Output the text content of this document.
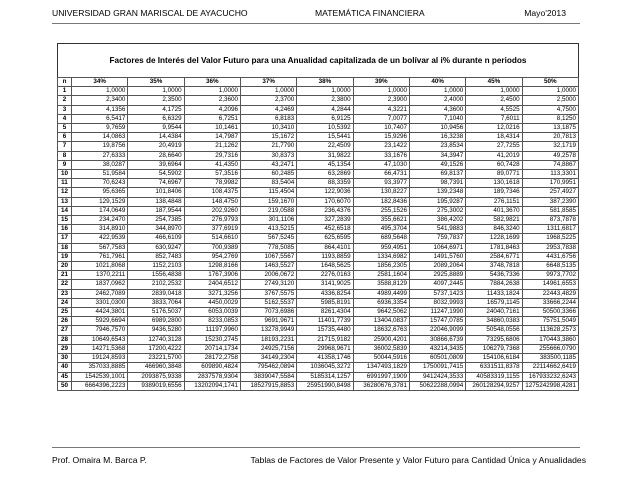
UNIVERSIDAD GRAN MARISCAL DE AYACUCHO	MATEMÁTICA FINANCIERA	Mayo'2013
Factores de Interés del Valor Futuro para una Anualidad capitalizada de un bolívar al i% durante n periodos
n	34%	35%	36%	37%	38%	39%	40%	45%	50%
1	1,0000	1,0000	1,0000	1,0000	1,0000	1,0000	1,0000	1,0000	1,0000
2	2,3400	2,3500	2,3600	2,3700	2,3800	2,3900	2,4000	2,4500	2,5000
3	4,1356	4,1725	4,2096	4,2469	4,2844	4,3221	4,3600	4,5525	4,7500
4	6,5417	6,6329	6,7251	6,8183	6,9125	7,0077	7,1040	7,6011	8,1250
5	9,7659	9,9544	10,1461	10,3410	10,5392	10,7407	10,9456	12,0216	13,1875
6	14,0863	14,4384	14,7987	15,1672	15,5441	15,9296	16,3238	18,4314	20,7813
7	19,8756	20,4919	21,1262	21,7790	22,4509	23,1422	23,8534	27,7255	32,1719
8	27,6333	28,6640	29,7316	30,8373	31,9822	33,1676	34,3947	41,2019	49,2578
9	38,0287	39,6964	41,4350	43,2471	45,1354	47,1030	49,1526	60,7428	74,8867
10	51,9584	54,5902	57,3516	60,2485	63,2869	66,4731	69,8137	89,0771	113,3301
11	70,6243	74,6967	78,9982	83,5404	88,3359	93,3977	98,7391	130,1618	170,9951
12	95,6365	101,8406	108,4375	115,4504	122,9036	130,8227	139,2348	189,7346	257,4927
13	129,1529	138,4848	148,4750	159,1670	170,6070	182,8436	195,9287	276,1151	387,2390
14	174,0649	187,9544	202,9260	219,0588	236,4376	255,1526	275,3002	401,3670	581,8585
15	234,2470	254,7385	276,9793	301,1106	327,2839	355,6621	386,4202	582,9821	873,7878
16	314,8910	344,8970	377,6919	413,5215	452,6518	495,3704	541,9883	846,3240	1311,6817
17	422,9539	466,6109	514,6610	567,5245	625,6595	689,5648	759,7837	1228,1699	1968,5225
18	567,7583	630,9247	700,9389	778,5085	864,4101	959,4951	1064,6971	1781,8463	2953,7838
19	761,7961	852,7483	954,2769	1067,5567	1193,8859	1334,6982	1491,5760	2584,6771	4431,6756
20	1021,8068	1152,2103	1298,8166	1463,5527	1648,5625	1856,2305	2089,2064	3748,7818	6648,5135
21	1370,2211	1556,4838	1767,3906	2006,0672	2276,0163	2581,1604	2925,8889	5436,7336	9973,7702
22	1837,0962	2102,2532	2404,6512	2749,3120	3141,9025	3588,8129	4097,2445	7884,2638	14961,6553
23	2462,7089	2839,0418	3271,3256	3767,5575	4336,8254	4989,4499	5737,1423	11433,1824	22443,4829
24	3301,0300	3833,7064	4450,0029	5162,5537	5985,8191	6936,3354	8032,9993	16579,1145	33666,2244
25	4424,3801	5176,5037	6053,0039	7073,6986	8261,4304	9642,5062	11247,1990	24040,7161	50500,3366
26	5929,6694	6989,2800	8233,0853	9691,9671	11401,7739	13404,0837	15747,0785	34860,0383	75751,5049
27	7946,7570	9436,5280	11197,9960	13278,9949	15735,4480	18632,6763	22046,9099	50548,0556	113628,2573
28	10649,6543	12740,3128	15230,2745	18193,2231	21715,9182	25900,4201	30866,6739	73295,6806	170443,3860
29	14271,5368	17200,4222	20714,1734	24925,7156	29968,9671	36002,5839	43214,3435	106279,7368	255666,0790
30	19124,8593	23221,5700	28172,2758	34149,2304	41358,1746	50044,5916	60501,0809	154106,6184	383500,1185
40	357033,8885	466960,3848	609890,4824	795462,0894	1036045,3272	1347493,1829	1750091,7415	6331511,8378	22114662,6419
45	1542539,1001	2093875,9338	2837578,9304	3839047,5584	5185314,1257	6991997,1909	9412424,3533	40583319,1155	167933232,6243
50	6664396,2223	9389019,6556	13202094,1741	18527915,8853	25951990,8498	36280676,3781	50622288,0994	260128294,9257	1275242998,4281
Prof. Omaira M. Barca P.	Tablas de Factores de Valor Presente y Valor Futuro para Cantidad Única y Anualidades
